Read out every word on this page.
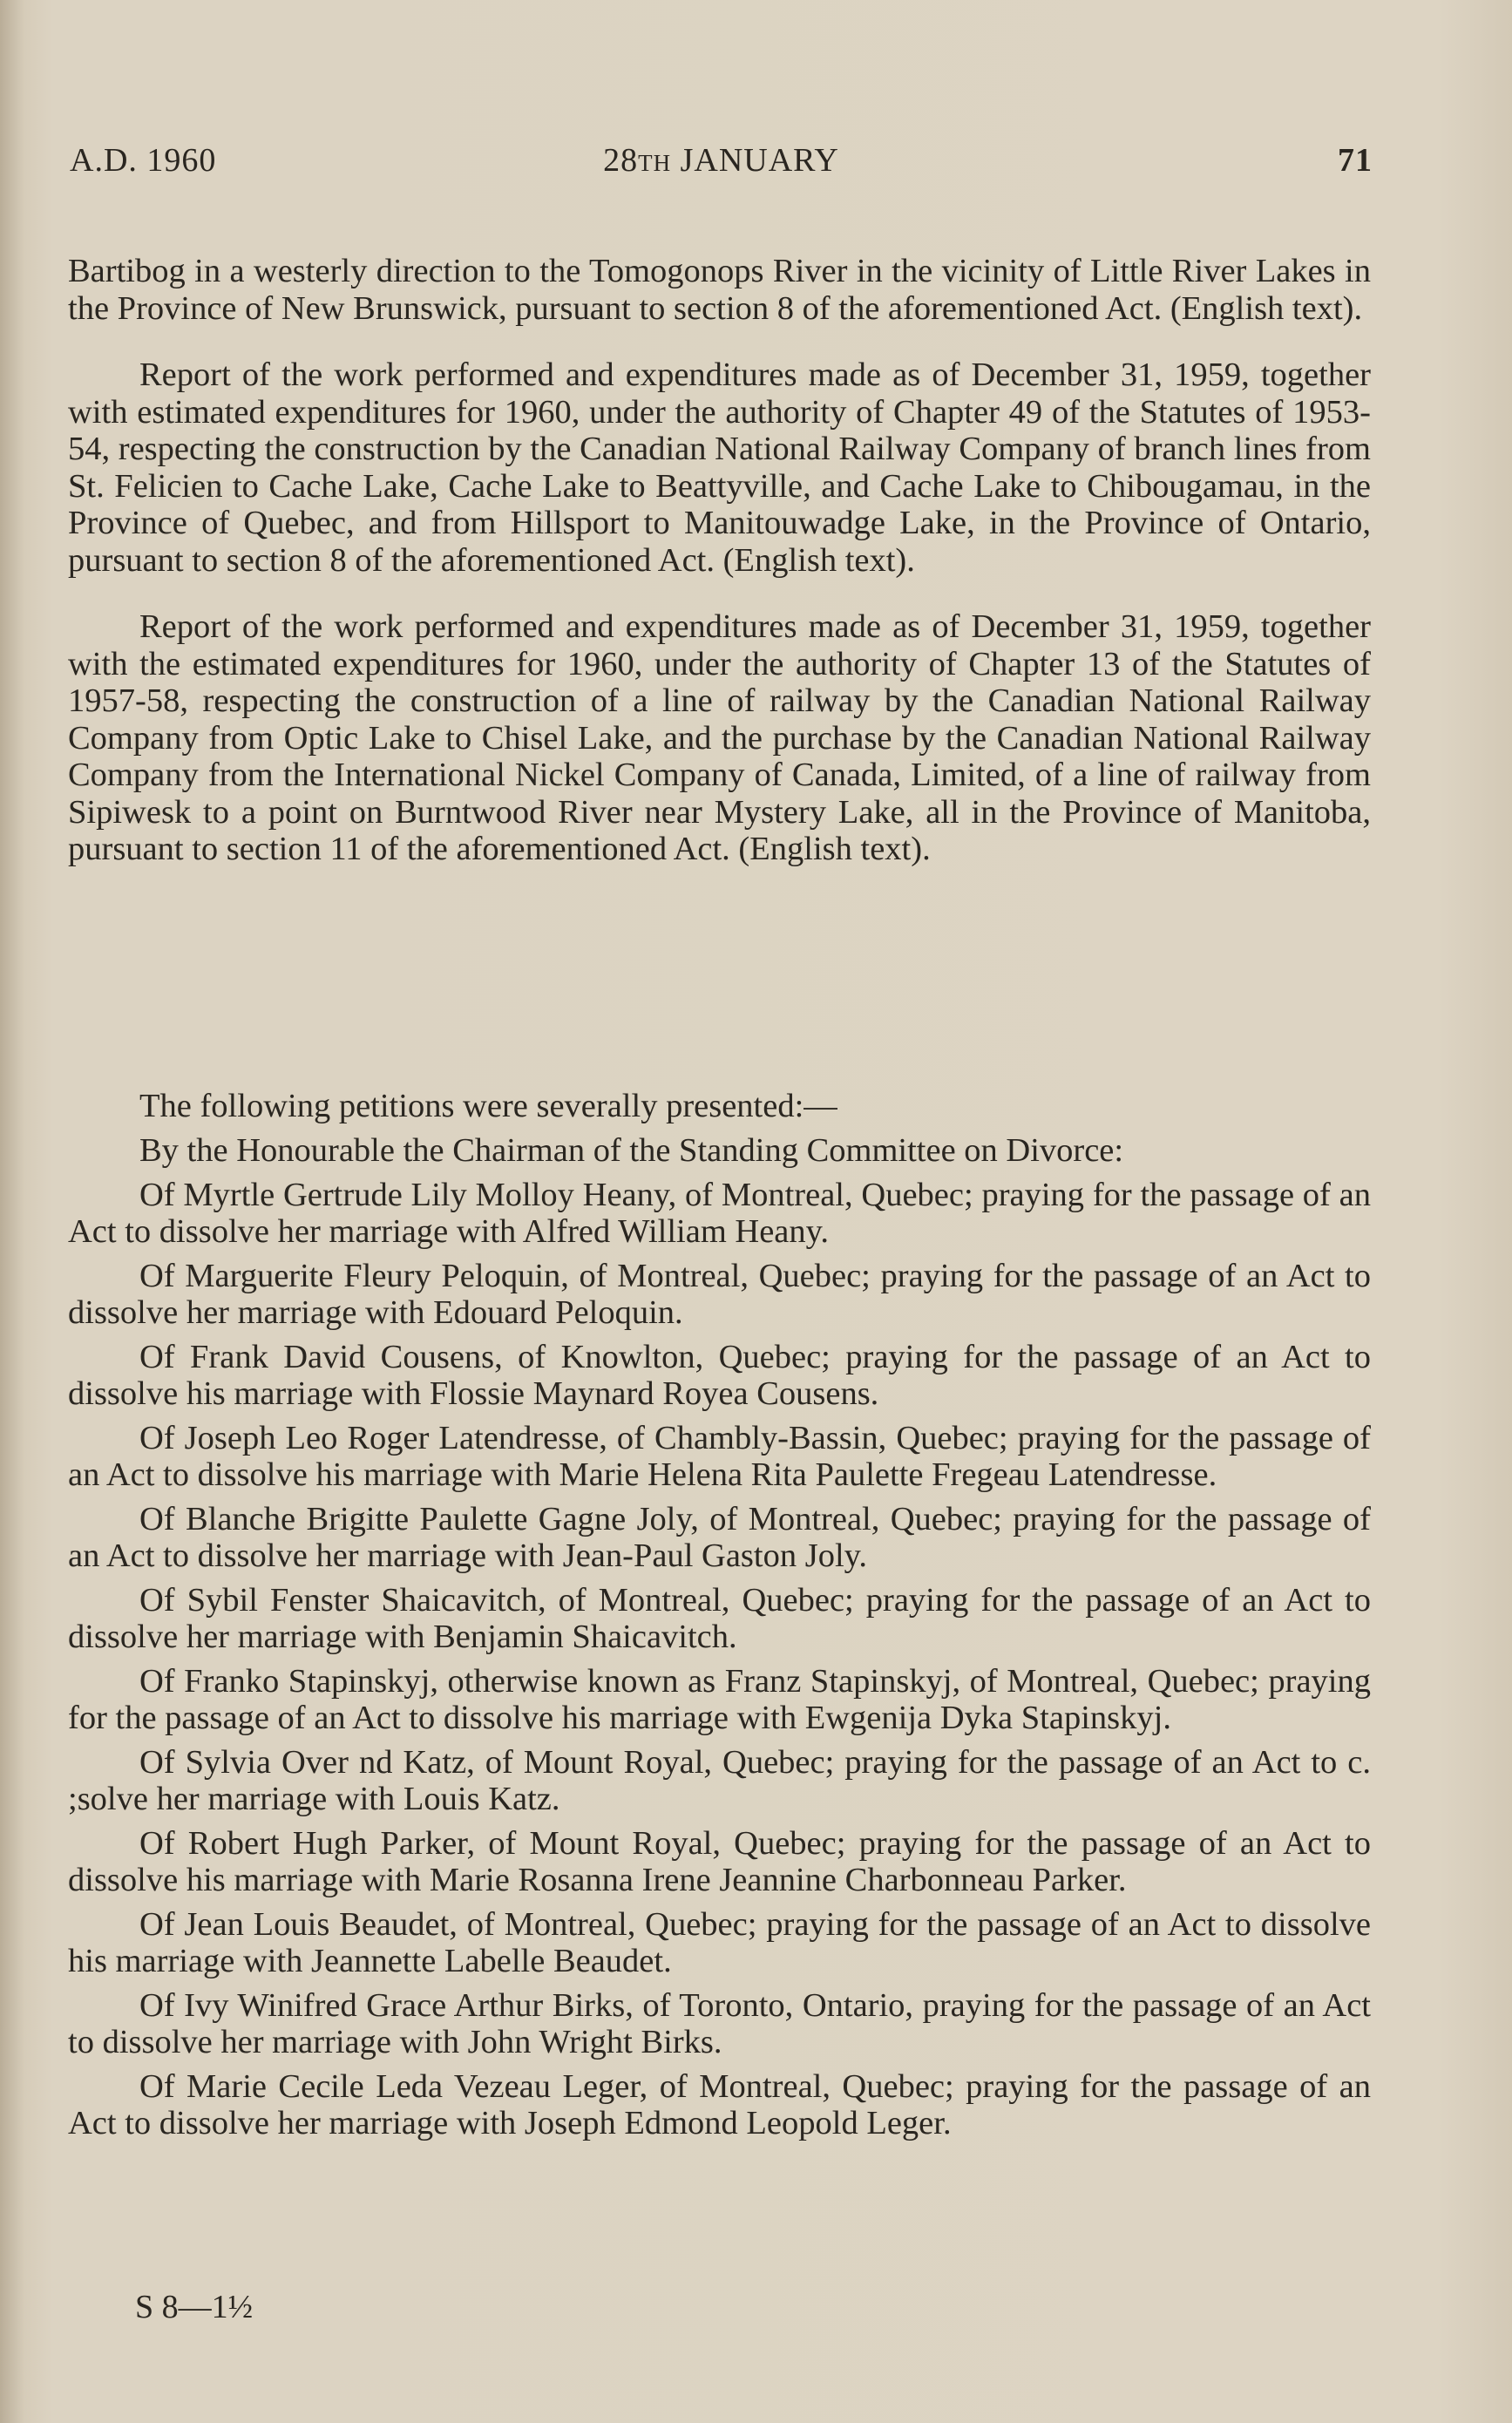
A.D. 1960	28TH JANUARY	71

Bartibog in a westerly direction to the Tomogonops River in the vicinity of Little River Lakes in the Province of New Brunswick, pursuant to section 8 of the aforementioned Act. (English text).

Report of the work performed and expenditures made as of December 31, 1959, together with estimated expenditures for 1960, under the authority of Chapter 49 of the Statutes of 1953-54, respecting the construction by the Canadian National Railway Company of branch lines from St. Felicien to Cache Lake, Cache Lake to Beattyville, and Cache Lake to Chibougamau, in the Province of Quebec, and from Hillsport to Manitouwadge Lake, in the Province of Ontario, pursuant to section 8 of the aforementioned Act. (English text).

Report of the work performed and expenditures made as of December 31, 1959, together with the estimated expenditures for 1960, under the authority of Chapter 13 of the Statutes of 1957-58, respecting the construction of a line of railway by the Canadian National Railway Company from Optic Lake to Chisel Lake, and the purchase by the Canadian National Railway Company from the International Nickel Company of Canada, Limited, of a line of railway from Sipiwesk to a point on Burntwood River near Mystery Lake, all in the Province of Manitoba, pursuant to section 11 of the aforementioned Act. (English text).

The following petitions were severally presented:—

By the Honourable the Chairman of the Standing Committee on Divorce:

Of Myrtle Gertrude Lily Molloy Heany, of Montreal, Quebec; praying for the passage of an Act to dissolve her marriage with Alfred William Heany.

Of Marguerite Fleury Peloquin, of Montreal, Quebec; praying for the passage of an Act to dissolve her marriage with Edouard Peloquin.

Of Frank David Cousens, of Knowlton, Quebec; praying for the passage of an Act to dissolve his marriage with Flossie Maynard Royea Cousens.

Of Joseph Leo Roger Latendresse, of Chambly-Bassin, Quebec; praying for the passage of an Act to dissolve his marriage with Marie Helena Rita Paulette Fregeau Latendresse.

Of Blanche Brigitte Paulette Gagne Joly, of Montreal, Quebec; praying for the passage of an Act to dissolve her marriage with Jean-Paul Gaston Joly.

Of Sybil Fenster Shaicavitch, of Montreal, Quebec; praying for the passage of an Act to dissolve her marriage with Benjamin Shaicavitch.

Of Franko Stapinskyj, otherwise known as Franz Stapinskyj, of Montreal, Quebec; praying for the passage of an Act to dissolve his marriage with Ewgenija Dyka Stapinskyj.

Of Sylvia Over nd Katz, of Mount Royal, Quebec; praying for the passage of an Act to c. ;solve her marriage with Louis Katz.

Of Robert Hugh Parker, of Mount Royal, Quebec; praying for the passage of an Act to dissolve his marriage with Marie Rosanna Irene Jeannine Charbonneau Parker.

Of Jean Louis Beaudet, of Montreal, Quebec; praying for the passage of an Act to dissolve his marriage with Jeannette Labelle Beaudet.

Of Ivy Winifred Grace Arthur Birks, of Toronto, Ontario, praying for the passage of an Act to dissolve her marriage with John Wright Birks.

Of Marie Cecile Leda Vezeau Leger, of Montreal, Quebec; praying for the passage of an Act to dissolve her marriage with Joseph Edmond Leopold Leger.

S 8—1½
